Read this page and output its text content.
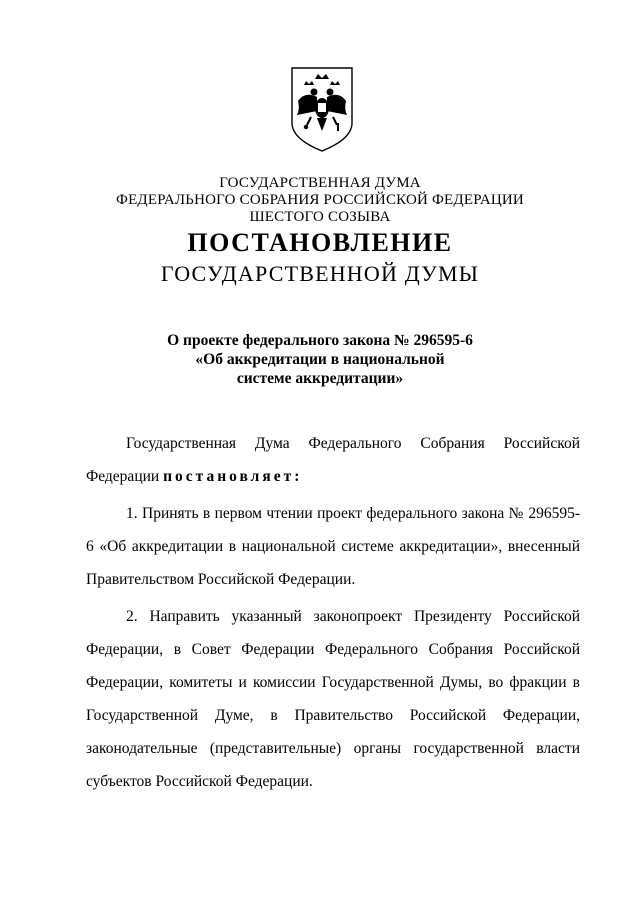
ГОСУДАРСТВЕННАЯ ДУМА
ФЕДЕРАЛЬНОГО СОБРАНИЯ РОССИЙСКОЙ ФЕДЕРАЦИИ
ШЕСТОГО СОЗЫВА
ПОСТАНОВЛЕНИЕ
ГОСУДАРСТВЕННОЙ ДУМЫ
О проекте федерального закона № 296595-6
«Об аккредитации в национальной
системе аккредитации»
Государственная Дума Федерального Собрания Российской Федерации постановляет:
1. Принять в первом чтении проект федерального закона № 296595-6 «Об аккредитации в национальной системе аккредитации», внесенный Правительством Российской Федерации.
2. Направить указанный законопроект Президенту Российской Федерации, в Совет Федерации Федерального Собрания Российской Федерации, комитеты и комиссии Государственной Думы, во фракции в Государственной Думе, в Правительство Российской Федерации, законодательные (представительные) органы государственной власти субъектов Российской Федерации.
